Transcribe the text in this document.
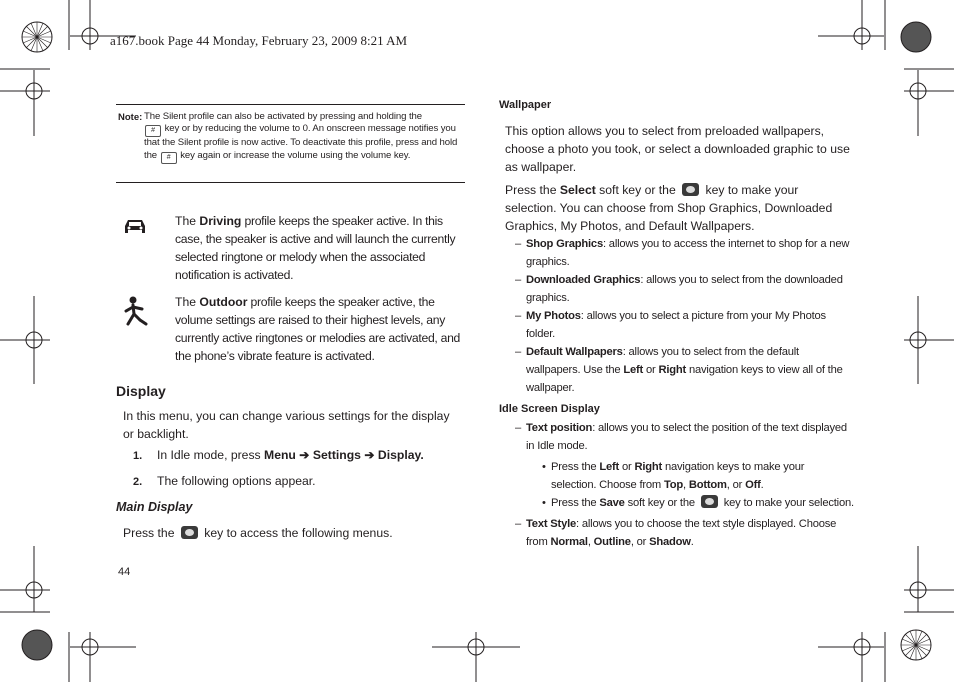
a167.book Page 44 Monday, February 23, 2009 8:21 AM
Note: The Silent profile can also be activated by pressing and holding the
# key or by reducing the volume to 0. An onscreen message notifies you that the Silent profile is now active. To deactivate this profile, press and hold the # key again or increase the volume using the volume key.
The Driving profile keeps the speaker active. In this case, the speaker is active and will launch the currently selected ringtone or melody when the associated notification is activated.
The Outdoor profile keeps the speaker active, the volume settings are raised to their highest levels, any currently active ringtones or melodies are activated, and the phone’s vibrate feature is activated.
Display
In this menu, you can change various settings for the display or backlight.
1. In Idle mode, press Menu ➔ Settings ➔ Display.
2. The following options appear.
Main Display
Press the key to access the following menus.
44
Wallpaper
This option allows you to select from preloaded wallpapers, choose a photo you took, or select a downloaded graphic to use as wallpaper.
Press the Select soft key or the key to make your selection. You can choose from Shop Graphics, Downloaded Graphics, My Photos, and Default Wallpapers.
– Shop Graphics: allows you to access the internet to shop for a new graphics.
– Downloaded Graphics: allows you to select from the downloaded graphics.
– My Photos: allows you to select a picture from your My Photos folder.
– Default Wallpapers: allows you to select from the default wallpapers. Use the Left or Right navigation keys to view all of the wallpaper.
Idle Screen Display
– Text position: allows you to select the position of the text displayed in Idle mode.
• Press the Left or Right navigation keys to make your selection. Choose from Top, Bottom, or Off.
• Press the Save soft key or the	key to make your selection.
– Text Style: allows you to choose the text style displayed. Choose from Normal, Outline, or Shadow.
